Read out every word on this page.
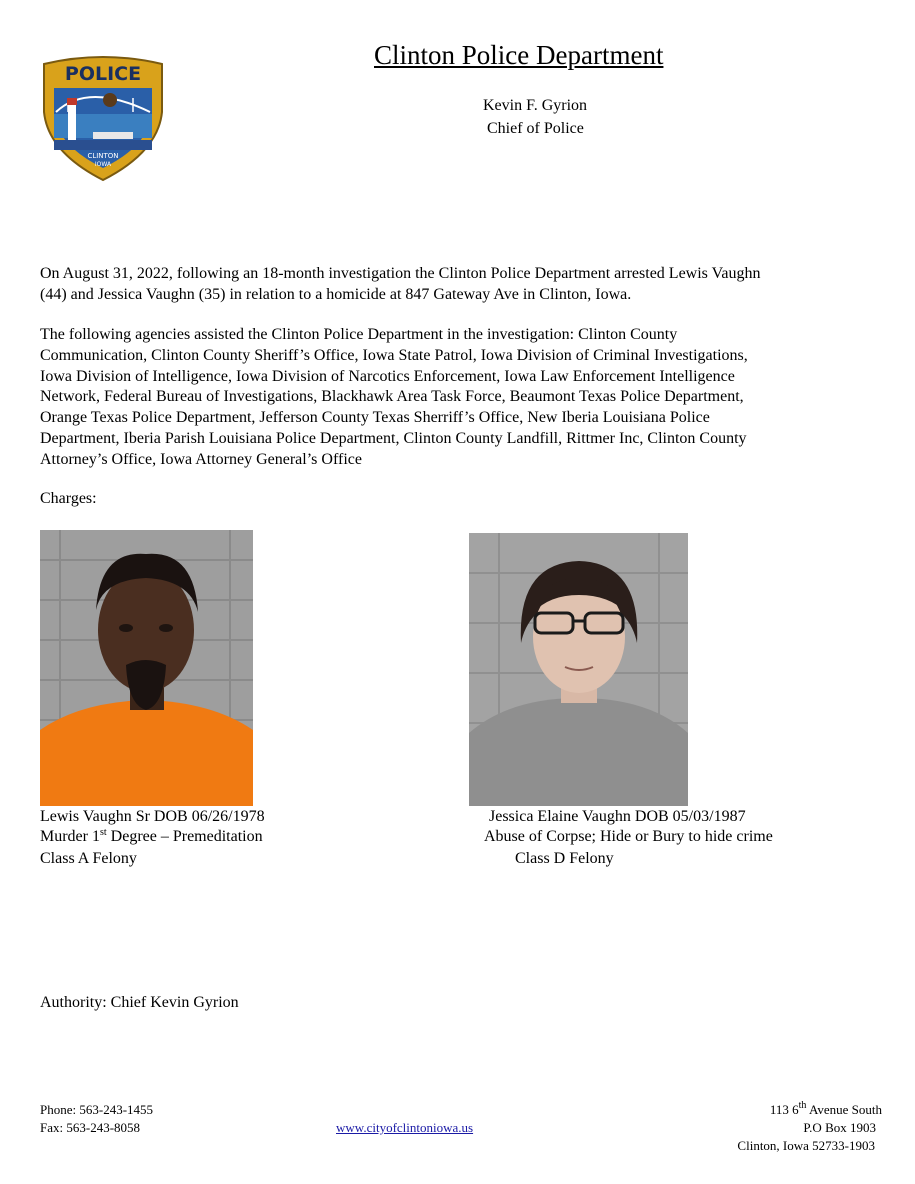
POLICE
CLINTON
IOWA
Clinton Police Department
Kevin F. Gyrion
Chief of Police
On August 31, 2022, following an 18-month investigation the Clinton Police Department arrested Lewis Vaughn
(44) and Jessica Vaughn (35) in relation to a homicide at 847 Gateway Ave in Clinton, Iowa.
The following agencies assisted the Clinton Police Department in the investigation: Clinton County
Communication, Clinton County Sheriff’s Office, Iowa State Patrol, Iowa Division of Criminal Investigations,
Iowa Division of Intelligence, Iowa Division of Narcotics Enforcement, Iowa Law Enforcement Intelligence
Network, Federal Bureau of Investigations, Blackhawk Area Task Force, Beaumont Texas Police Department,
Orange Texas Police Department, Jefferson County Texas Sherriff’s Office, New Iberia Louisiana Police
Department, Iberia Parish Louisiana Police Department, Clinton County Landfill, Rittmer Inc, Clinton County
Attorney’s Office, Iowa Attorney General’s Office
Charges:
Lewis Vaughn Sr DOB 06/26/1978
Murder 1st Degree – Premeditation
Class A Felony
Jessica Elaine Vaughn DOB 05/03/1987
Abuse of Corpse; Hide or Bury to hide crime
Class D Felony
Authority: Chief Kevin Gyrion
Phone: 563-243-1455
Fax: 563-243-8058	www.cityofclintoniowa.us
113 6th Avenue South
P.O Box 1903
Clinton, Iowa 52733-1903
